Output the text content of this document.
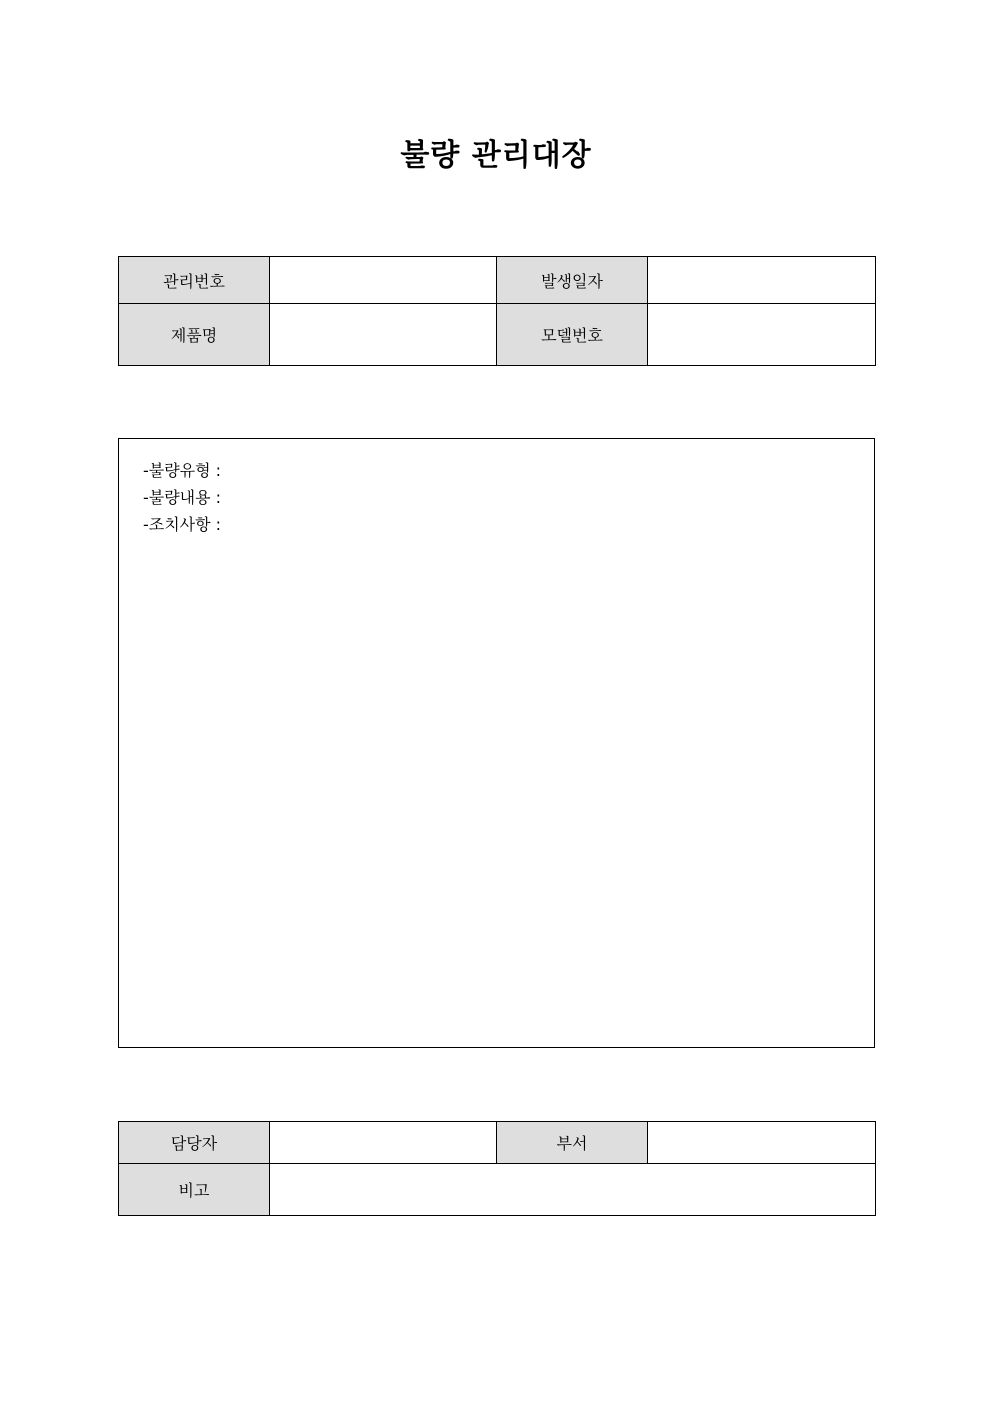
불량 관리대장
관리번호		발생일자	
제품명		모델번호	
-불량유형 :
-불량내용 :
-조치사항 :
담당자		부서	
비고			
